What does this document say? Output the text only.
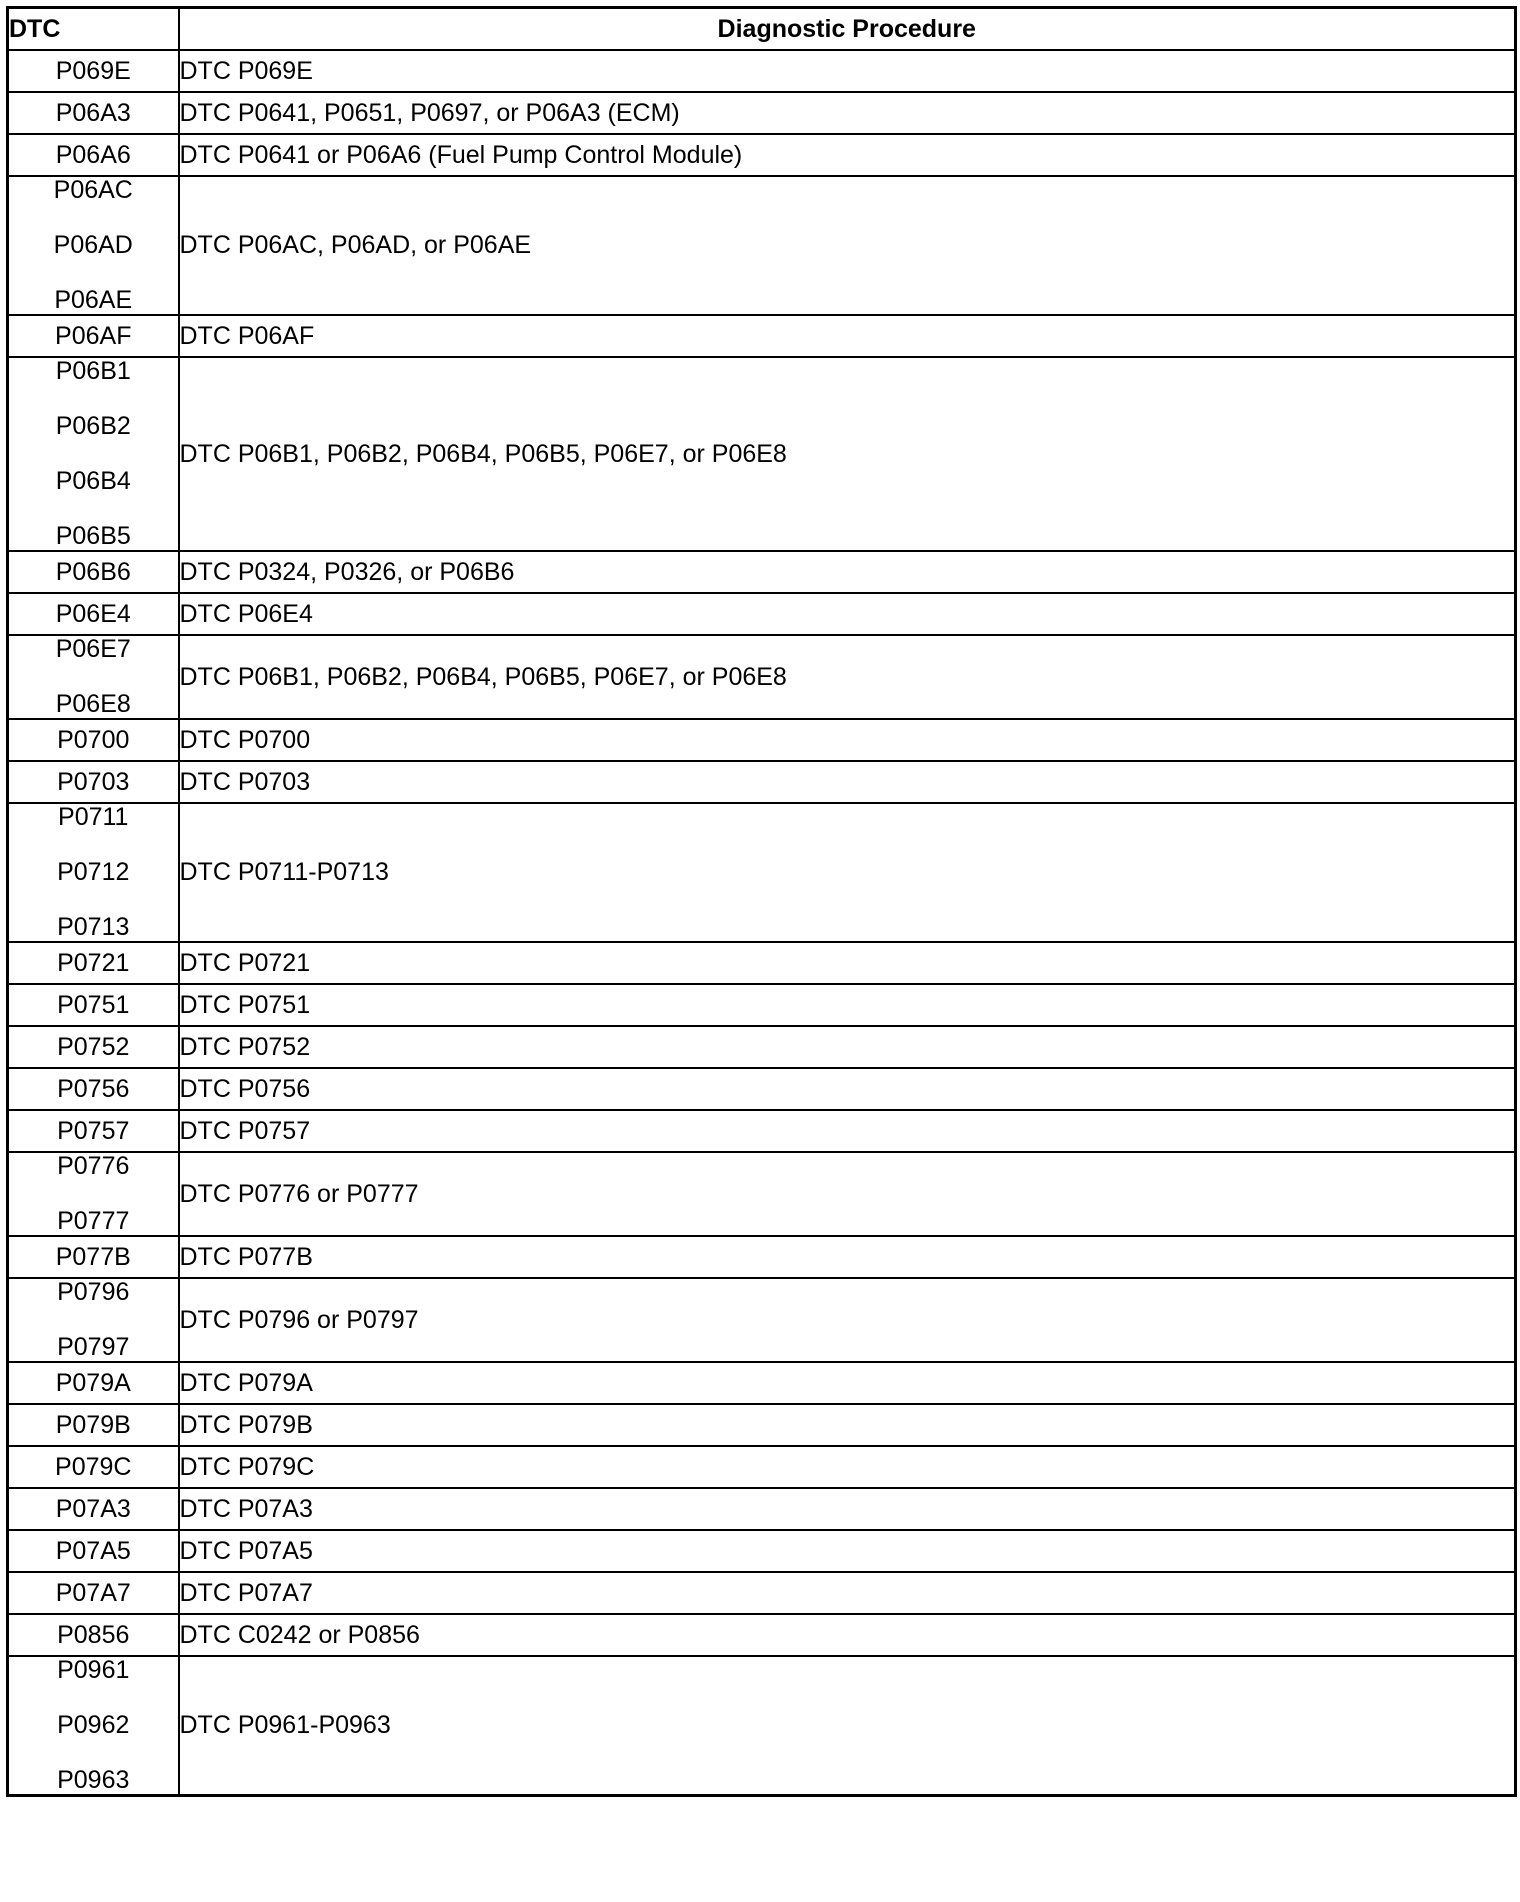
DTC	Diagnostic Procedure

P069E	DTC P069E

P06A3	DTC P0641, P0651, P0697, or P06A3 (ECM)

P06A6	DTC P0641 or P06A6 (Fuel Pump Control Module)

P06AC
P06AD
P06AE	DTC P06AC, P06AD, or P06AE

P06AF	DTC P06AF

P06B1
P06B2
P06B4
P06B5	DTC P06B1, P06B2, P06B4, P06B5, P06E7, or P06E8

P06B6	DTC P0324, P0326, or P06B6

P06E4	DTC P06E4

P06E7
P06E8	DTC P06B1, P06B2, P06B4, P06B5, P06E7, or P06E8

P0700	DTC P0700

P0703	DTC P0703

P0711
P0712
P0713	DTC P0711-P0713

P0721	DTC P0721

P0751	DTC P0751

P0752	DTC P0752

P0756	DTC P0756

P0757	DTC P0757

P0776
P0777	DTC P0776 or P0777

P077B	DTC P077B

P0796
P0797	DTC P0796 or P0797

P079A	DTC P079A

P079B	DTC P079B

P079C	DTC P079C

P07A3	DTC P07A3

P07A5	DTC P07A5

P07A7	DTC P07A7

P0856	DTC C0242 or P0856

P0961
P0962
P0963	DTC P0961-P0963
